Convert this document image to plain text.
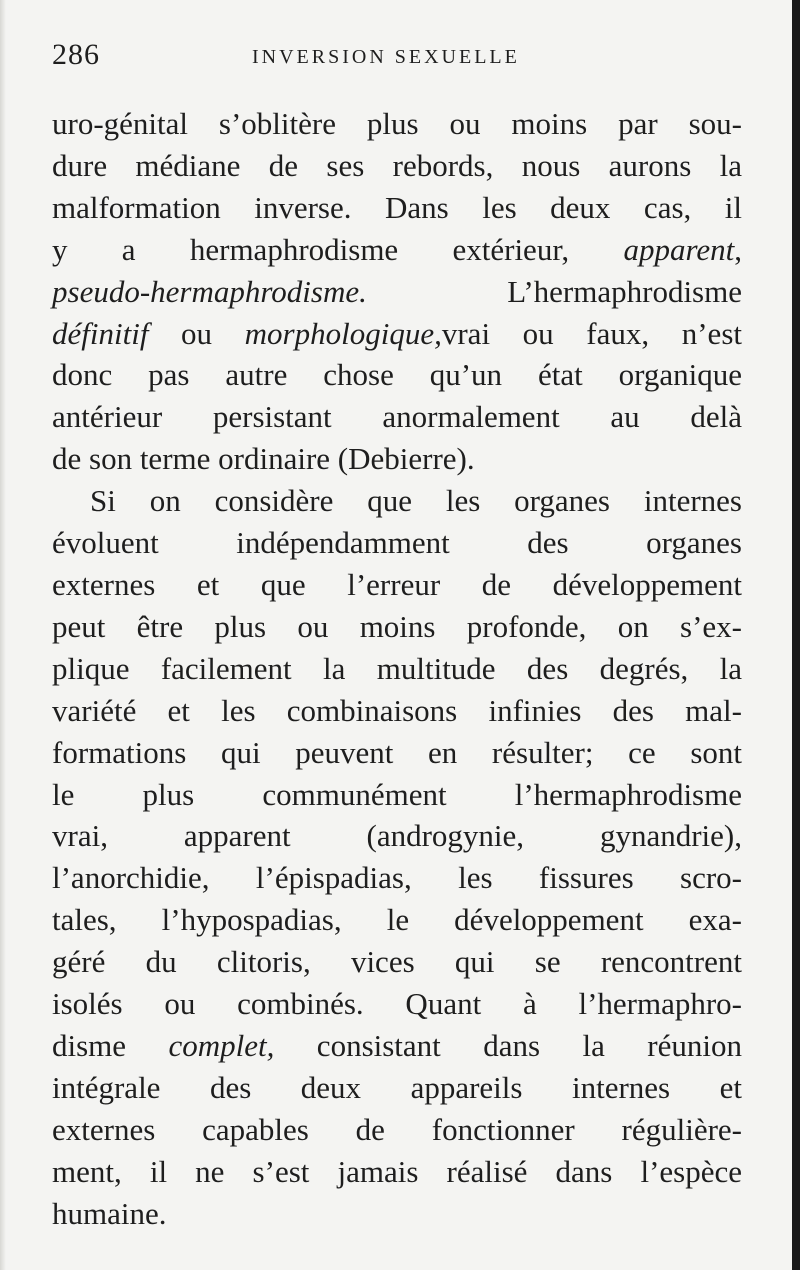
286	INVERSION SEXUELLE
uro-génital s’oblitère plus ou moins par sou-
dure médiane de ses rebords, nous aurons la
malformation inverse. Dans les deux cas, il
y a hermaphrodisme extérieur, apparent,
pseudo-hermaphrodisme. L’hermaphrodisme
définitif ou morphologique,vrai ou faux, n’est
donc pas autre chose qu’un état organique
antérieur persistant anormalement au delà
de son terme ordinaire (Debierre).
Si on considère que les organes internes
évoluent indépendamment des organes
externes et que l’erreur de développement
peut être plus ou moins profonde, on s’ex-
plique facilement la multitude des degrés, la
variété et les combinaisons infinies des mal-
formations qui peuvent en résulter; ce sont
le plus communément l’hermaphrodisme
vrai, apparent (androgynie, gynandrie),
l’anorchidie, l’épispadias, les fissures scro-
tales, l’hypospadias, le développement exa-
géré du clitoris, vices qui se rencontrent
isolés ou combinés. Quant à l’hermaphro-
disme complet, consistant dans la réunion
intégrale des deux appareils internes et
externes capables de fonctionner régulière-
ment, il ne s’est jamais réalisé dans l’espèce
humaine.
